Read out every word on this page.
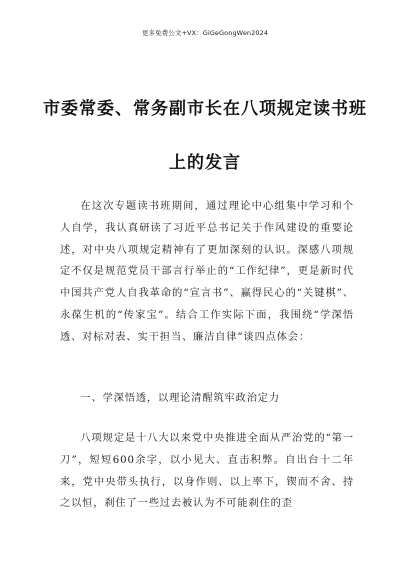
更多免费公文+VX：GiGeGongWen2024
市委常委、常务副市长在八项规定读书班
上的发言
在这次专题读书班期间，通过理论中心组集中学习和个人自学，我认真研读了习近平总书记关于作风建设的重要论述，对中央八项规定精神有了更加深刻的认识。深感八项规定不仅是规范党员干部言行举止的“工作纪律”，更是新时代中国共产党人自我革命的“宣言书”、赢得民心的“关键棋”、永葆生机的“传家宝”。结合工作实际下面，我围绕“学深悟透、对标对表、实干担当、廉洁自律”谈四点体会：
一、学深悟透，以理论清醒筑牢政治定力
八项规定是十八大以来党中央推进全面从严治党的“第一刀”，短短600余字，以小见大、直击积弊。自出台十二年来，党中央带头执行，以身作则、以上率下，锲而不舍、持之以恒，刹住了一些过去被认为不可能刹住的歪
